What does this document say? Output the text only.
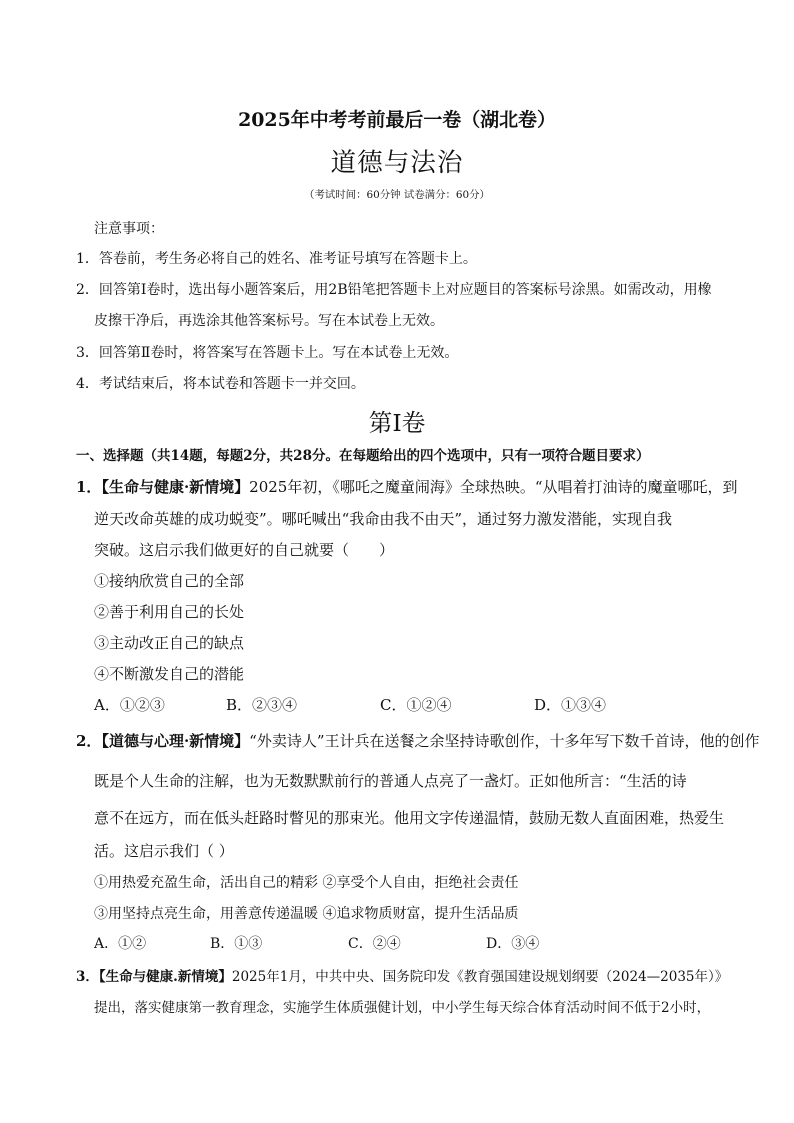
2025年中考考前最后一卷（湖北卷）
道德与法治
（考试时间：60分钟 试卷满分：60分）
注意事项：
1．答卷前，考生务必将自己的姓名、准考证号填写在答题卡上。
2．回答第Ⅰ卷时，选出每小题答案后，用2B铅笔把答题卡上对应题目的答案标号涂黑。如需改动，用橡
皮擦干净后，再选涂其他答案标号。写在本试卷上无效。
3．回答第Ⅱ卷时，将答案写在答题卡上。写在本试卷上无效。
4．考试结束后，将本试卷和答题卡一并交回。
第Ⅰ卷
一、选择题（共14题，每题2分，共28分。在每题给出的四个选项中，只有一项符合题目要求）
1．【生命与健康·新情境】2025年初，《哪吒之魔童闹海》全球热映。“从唱着打油诗的魔童哪吒，到
逆天改命英雄的成功蜕变”。哪吒喊出“我命由我不由天”，通过努力激发潜能，实现自我
突破。这启示我们做更好的自己就要（　　）
①接纳欣赏自己的全部
②善于利用自己的长处
③主动改正自己的缺点
④不断激发自己的潜能
A．①②③	B．②③④	C．①②④	D．①③④
2．【道德与心理·新情境】“外卖诗人”王计兵在送餐之余坚持诗歌创作，十多年写下数千首诗，他的创作
既是个人生命的注解，也为无数默默前行的普通人点亮了一盏灯。正如他所言：“生活的诗
意不在远方，而在低头赶路时瞥见的那束光。他用文字传递温情，鼓励无数人直面困难，热爱生
活。这启示我们（ ）
①用热爱充盈生命，活出自己的精彩 ②享受个人自由，拒绝社会责任
③用坚持点亮生命，用善意传递温暖 ④追求物质财富，提升生活品质
A．①②	B．①③	C．②④	D．③④
3．【生命与健康.新情境】2025年1月，中共中央、国务院印发《教育强国建设规划纲要（2024—2035年）》
提出，落实健康第一教育理念，实施学生体质强健计划，中小学生每天综合体育活动时间不低于2小时，
